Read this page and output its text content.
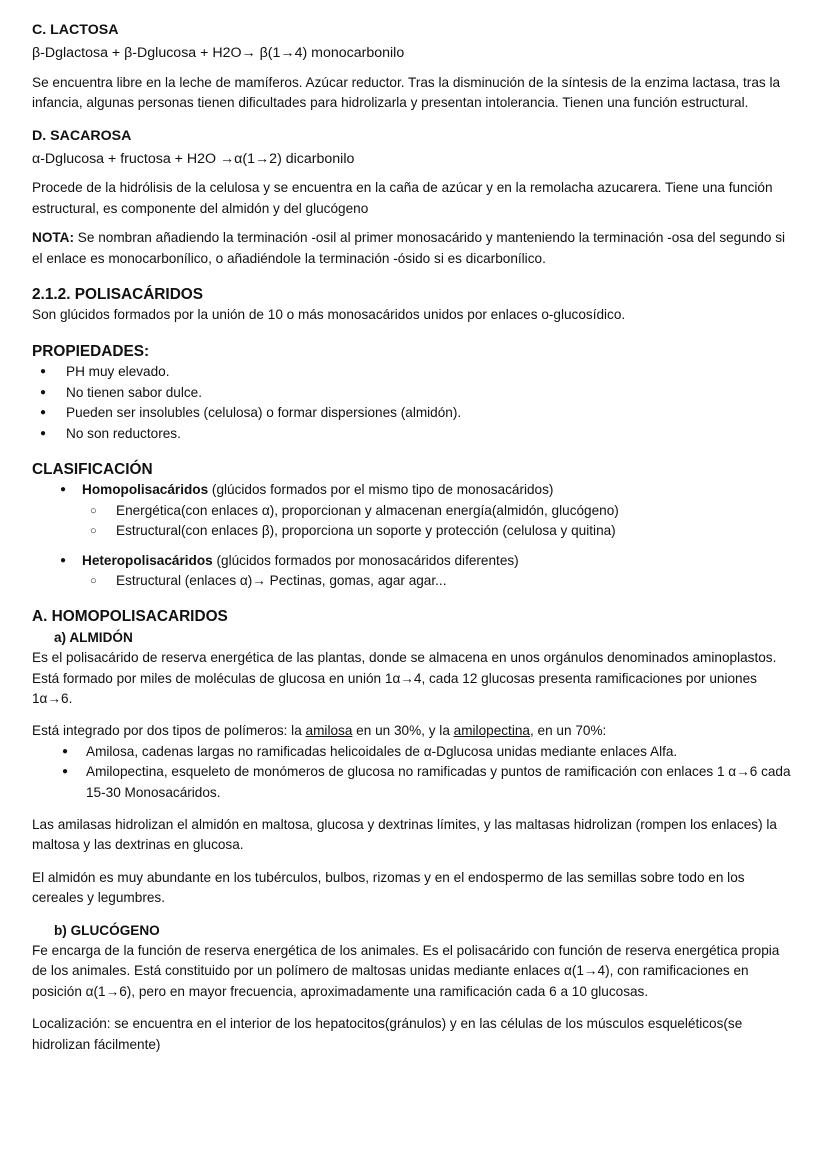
C. LACTOSA
β-Dglactosa + β-Dglucosa + H2O→ β(1→4) monocarbonilo

Se encuentra libre en la leche de mamíferos. Azúcar reductor. Tras la disminución de la síntesis de la enzima lactasa, tras la infancia, algunas personas tienen dificultades para hidrolizarla y presentan intolerancia. Tienen una función estructural.

D. SACAROSA
α-Dglucosa + fructosa + H2O →α(1→2) dicarbonilo

Procede de la hidrólisis de la celulosa y se encuentra en la caña de azúcar y en la remolacha azucarera. Tiene una función estructural, es componente del almidón y del glucógeno

NOTA: Se nombran añadiendo la terminación -osil al primer monosacárido y manteniendo la terminación -osa del segundo si el enlace es monocarbonílico, o añadiéndole la terminación -ósido si es dicarbonílico.

2.1.2. POLISACÁRIDOS

Son glúcidos formados por la unión de 10 o más monosacáridos unidos por enlaces o-glucosídico.

PROPIEDADES:
● PH muy elevado.
● No tienen sabor dulce.
● Pueden ser insolubles (celulosa) o formar dispersiones (almidón).
● No son reductores.
CLASIFICACIÓN
● Homopolisacáridos (glúcidos formados por el mismo tipo de monosacáridos)
○ Energética(con enlaces α), proporcionan y almacenan energía(almidón, glucógeno)
○ Estructural(con enlaces β), proporciona un soporte y protección (celulosa y quitina)
● Heteropolisacáridos (glúcidos formados por monosacáridos diferentes)
○ Estructural (enlaces α)→ Pectinas, gomas, agar agar...
A. HOMOPOLISACARIDOS
a) ALMIDÓN

Es el polisacárido de reserva energética de las plantas, donde se almacena en unos orgánulos denominados aminoplastos. Está formado por miles de moléculas de glucosa en unión 1α→4, cada 12 glucosas presenta ramificaciones por uniones 1α→6.

Está integrado por dos tipos de polímeros: la amilosa en un 30%, y la amilopectina, en un 70%:

● Amilosa, cadenas largas no ramificadas helicoidales de α-Dglucosa unidas mediante enlaces Alfa.
● Amilopectina, esqueleto de monómeros de glucosa no ramificadas y puntos de ramificación con enlaces 1 α→6 cada 15-30 Monosacáridos.

Las amilasas hidrolizan el almidón en maltosa, glucosa y dextrinas límites, y las maltasas hidrolizan (rompen los enlaces) la maltosa y las dextrinas en glucosa.

El almidón es muy abundante en los tubérculos, bulbos, rizomas y en el endospermo de las semillas sobre todo en los cereales y legumbres.

b) GLUCÓGENO

Fe encarga de la función de reserva energética de los animales. Es el polisacárido con función de reserva energética propia de los animales. Está constituido por un polímero de maltosas unidas mediante enlaces α(1→4), con ramificaciones en posición α(1→6), pero en mayor frecuencia, aproximadamente una ramificación cada 6 a 10 glucosas.

Localización: se encuentra en el interior de los hepatocitos(gránulos) y en las células de los músculos esqueléticos(se hidrolizan fácilmente)
